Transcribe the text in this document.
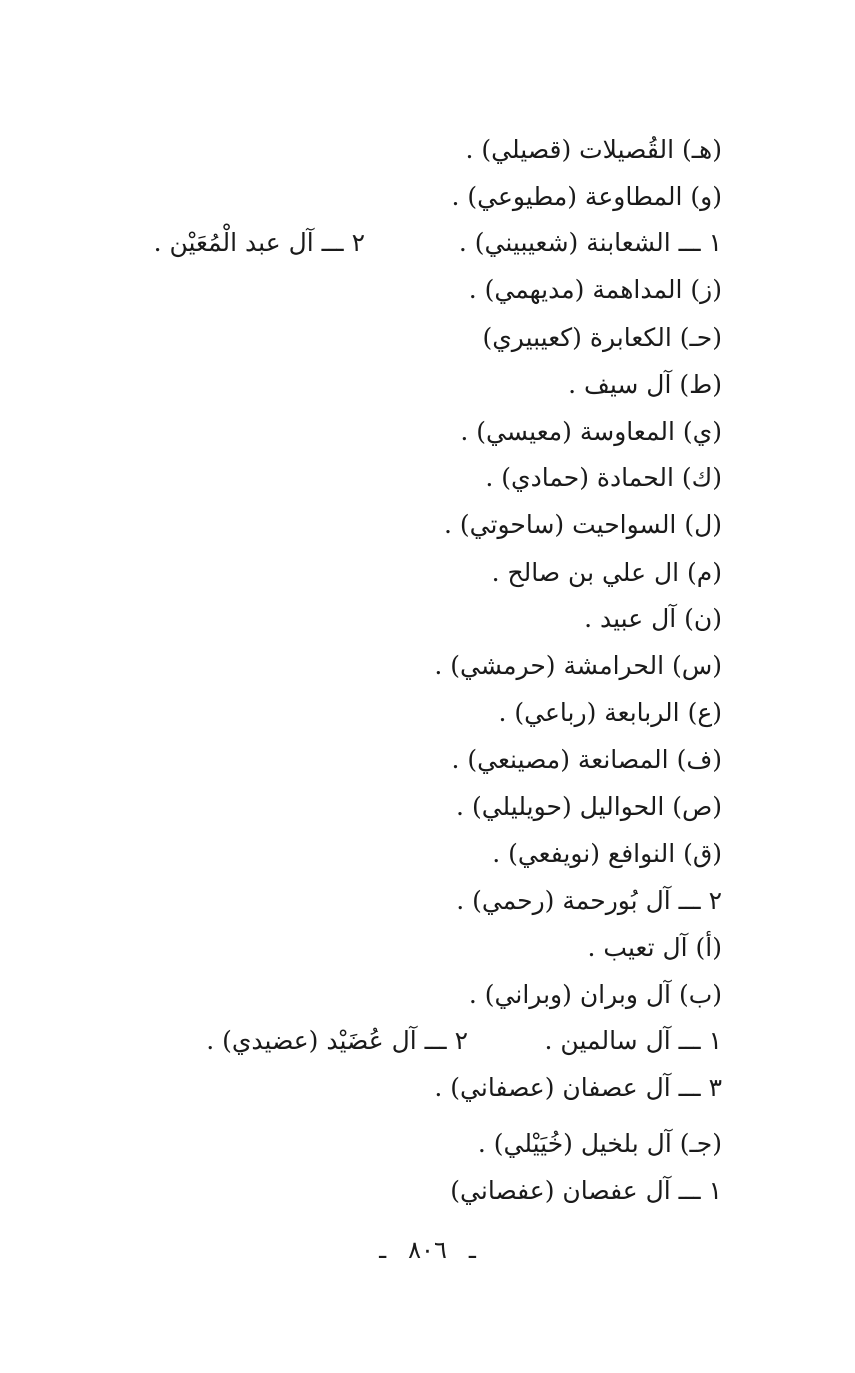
(هـ) القُصيلات (قصيلي) .
(و) المطاوعة (مطيوعي) .
١ ـــ الشعابنة (شعيبيني) .
٢ ـــ آل عبد الْمُعَيْن .
(ز) المداهمة (مديهمي) .
(حـ) الكعابرة (كعيبيري)
(ط) آل سيف .
(ي) المعاوسة (معيسي) .
(ك) الحمادة (حمادي) .
(ل) السواحيت (ساحوتي) .
(م) ال علي بن صالح .
(ن) آل عبيد .
(س) الحرامشة (حرمشي) .
(ع) الربابعة (رباعي) .
(ف) المصانعة (مصينعي) .
(ص) الحواليل (حويليلي) .
(ق) النوافع (نويفعي) .
٢ ـــ آل بُورحمة (رحمي) .
(أ) آل تعيب .
(ب) آل وبران (وبراني) .
١ ـــ آل سالمين .
٢ ـــ آل عُضَيْد (عضيدي) .
٣ ـــ آل عصفان (عصفاني) .
(جـ) آل بلخيل (خُيَيْلي) .
١ ـــ آل عفصان (عفصاني)
ـ٨٠٦ـ
